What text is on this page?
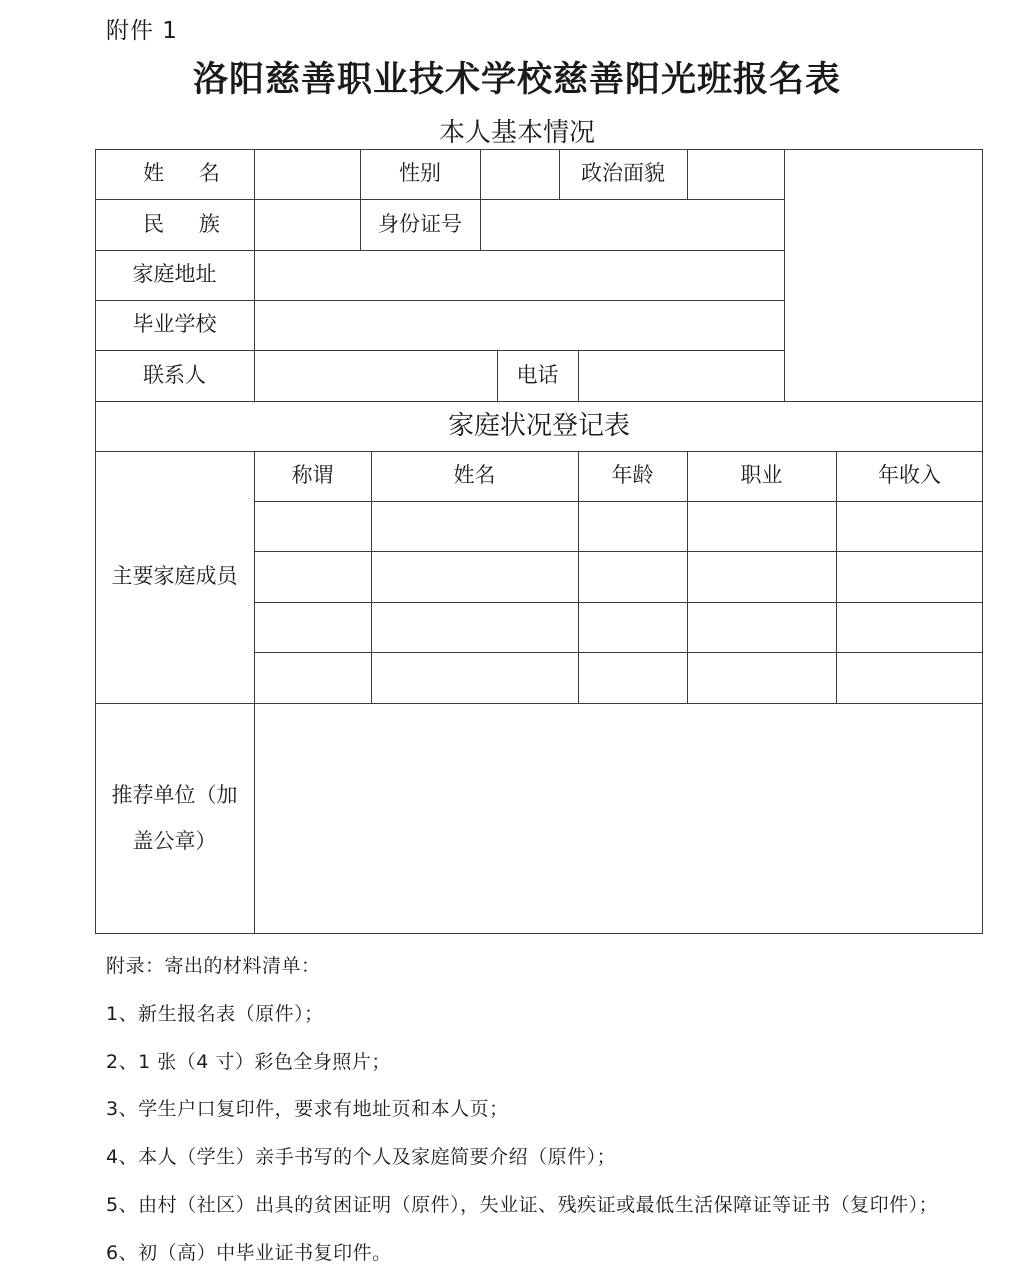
附件 1
洛阳慈善职业技术学校慈善阳光班报名表
本人基本情况
姓 名	性别	政治面貌
民 族	身份证号
家庭地址
毕业学校
联系人	电话
家庭状况登记表
主要家庭成员
称谓	姓名	年龄	职业	年收入
推荐单位（加
盖公章）
附录：寄出的材料清单：
1、新生报名表（原件）；
2、1 张（4 寸）彩色全身照片；
3、学生户口复印件，要求有地址页和本人页；
4、本人（学生）亲手书写的个人及家庭简要介绍（原件）；
5、由村（社区）出具的贫困证明（原件），失业证、残疾证或最低生活保障证等证书（复印件）；
6、初（高）中毕业证书复印件。
